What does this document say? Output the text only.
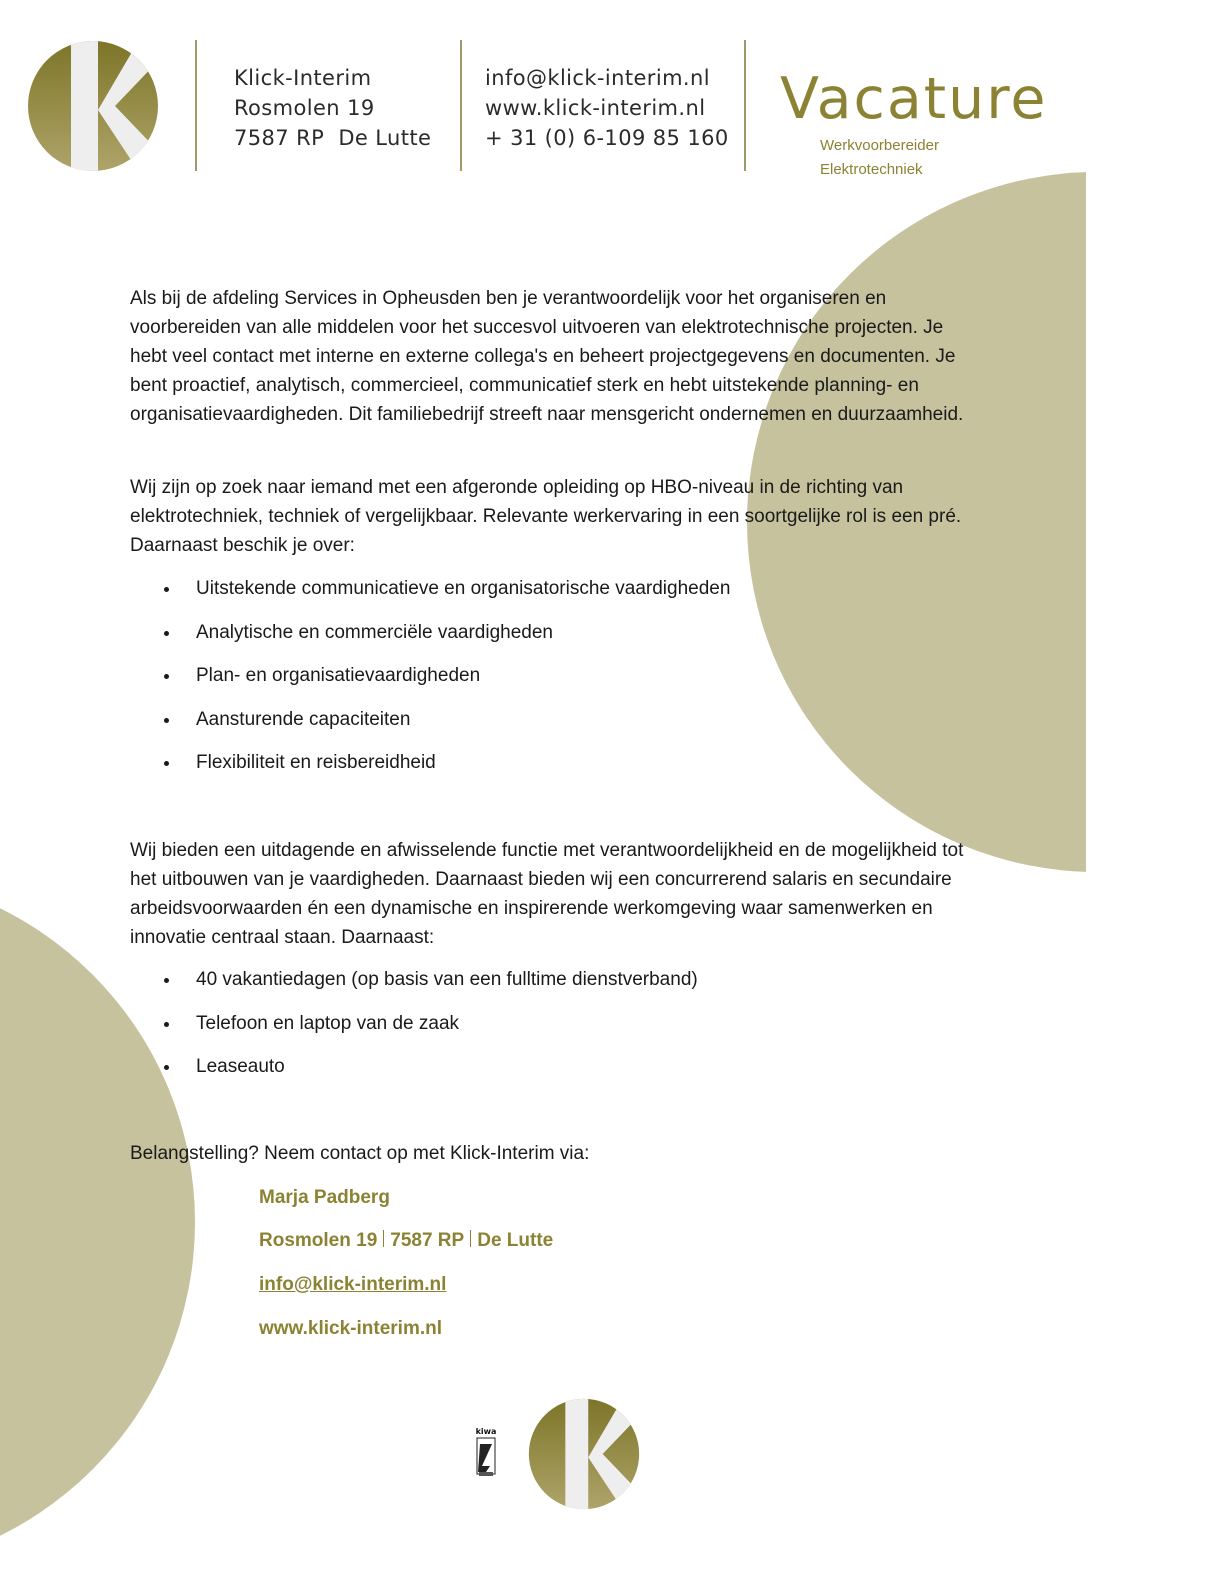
Klick-Interim
Rosmolen 19
7587 RP  De Lutte
info@klick-interim.nl
www.klick-interim.nl
+ 31 (0) 6-109 85 160
Vacature
Werkvoorbereider
Elektrotechniek
Als bij de afdeling Services in Opheusden ben je verantwoordelijk voor het organiseren en voorbereiden van alle middelen voor het succesvol uitvoeren van elektrotechnische projecten. Je hebt veel contact met interne en externe collega's en beheert projectgegevens en documenten. Je bent proactief, analytisch, commercieel, communicatief sterk en hebt uitstekende planning- en organisatievaardigheden. Dit familiebedrijf streeft naar mensgericht ondernemen en duurzaamheid.
Wij zijn op zoek naar iemand met een afgeronde opleiding op HBO-niveau in de richting van elektrotechniek, techniek of vergelijkbaar. Relevante werkervaring in een soortgelijke rol is een pré. Daarnaast beschik je over:
Uitstekende communicatieve en organisatorische vaardigheden
Analytische en commerciële vaardigheden
Plan- en organisatievaardigheden
Aansturende capaciteiten
Flexibiliteit en reisbereidheid
Wij bieden een uitdagende en afwisselende functie met verantwoordelijkheid en de mogelijkheid tot het uitbouwen van je vaardigheden. Daarnaast bieden wij een concurrerend salaris en secundaire arbeidsvoorwaarden én een dynamische en inspirerende werkomgeving waar samenwerken en innovatie centraal staan. Daarnaast:
40 vakantiedagen (op basis van een fulltime dienstverband)
Telefoon en laptop van de zaak
Leaseauto
Belangstelling? Neem contact op met Klick-Interim via:
Marja Padberg
Rosmolen 19 7587 RP De Lutte
info@klick-interim.nl
www.klick-interim.nl
kiwa
